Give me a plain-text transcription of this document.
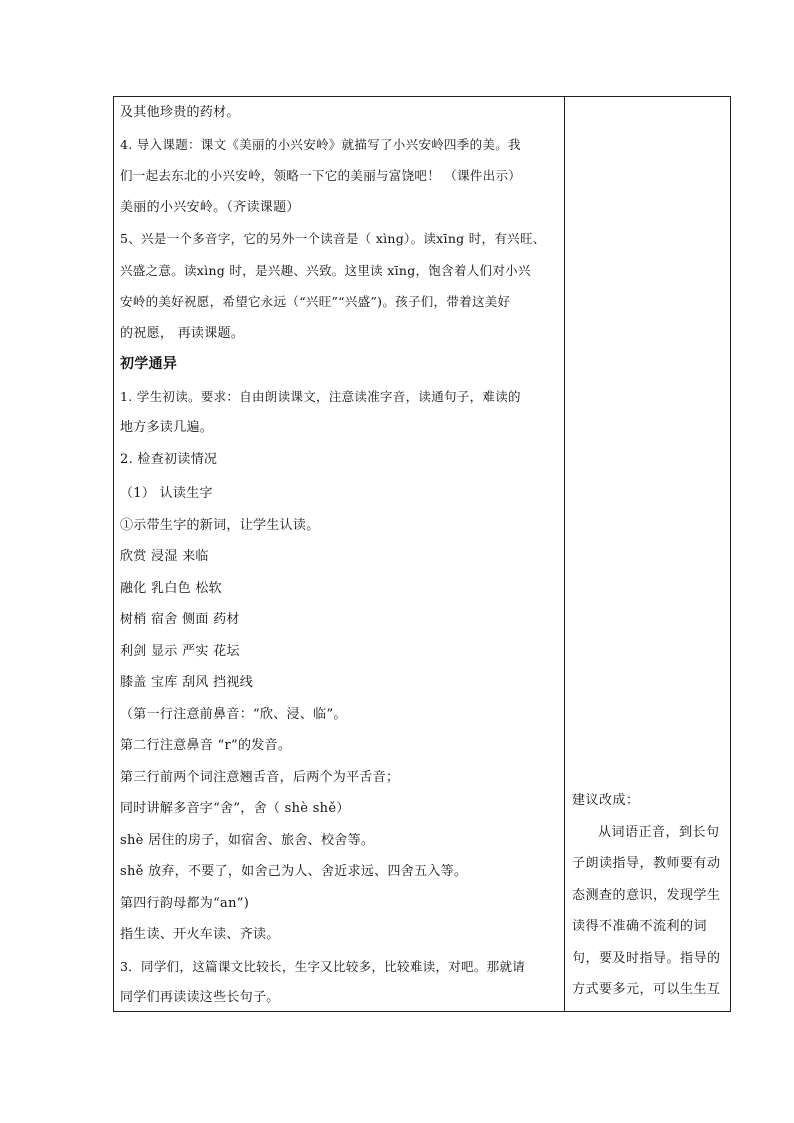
及其他珍贵的药材。
4. 导入课题：课文《美丽的小兴安岭》就描写了小兴安岭四季的美。我
们一起去东北的小兴安岭，领略一下它的美丽与富饶吧！ （课件出示）
美丽的小兴安岭。（齐读课题）
5、兴是一个多音字，它的另外一个读音是（ xìng）。读xīng 时，有兴旺、
兴盛之意。读xìng 时，是兴趣、兴致。这里读 xīng，饱含着人们对小兴
安岭的美好祝愿，希望它永远（“兴旺”“兴盛”)。孩子们，带着这美好
的祝愿， 再读课题。
初学通异
1. 学生初读。要求：自由朗读课文，注意读准字音，读通句子，难读的
地方多读几遍。
2. 检查初读情况
（1） 认读生字
①示带生字的新词，让学生认读。
欣赏 浸湿 来临
融化 乳白色 松软
树梢 宿舍 侧面 药材
利剑 显示 严实 花坛
膝盖 宝库 刮风 挡视线
（第一行注意前鼻音：“欣、浸、临”。
第二行注意鼻音 “r”的发音。
第三行前两个词注意翘舌音，后两个为平舌音；
同时讲解多音字“舍”，舍（ shè shě）
shè 居住的房子，如宿舍、旅舍、校舍等。
shě 放弃，不要了，如舍己为人、舍近求远、四舍五入等。
第四行韵母都为“an”)
指生读、开火车读、齐读。
3．同学们，这篇课文比较长，生字又比较多，比较难读，对吧。那就请
同学们再读读这些长句子。
建议改成：
从词语正音，到长句
子朗读指导，教师要有动
态测查的意识，发现学生
读得不准确不流利的词
句，要及时指导。指导的
方式要多元，可以生生互
